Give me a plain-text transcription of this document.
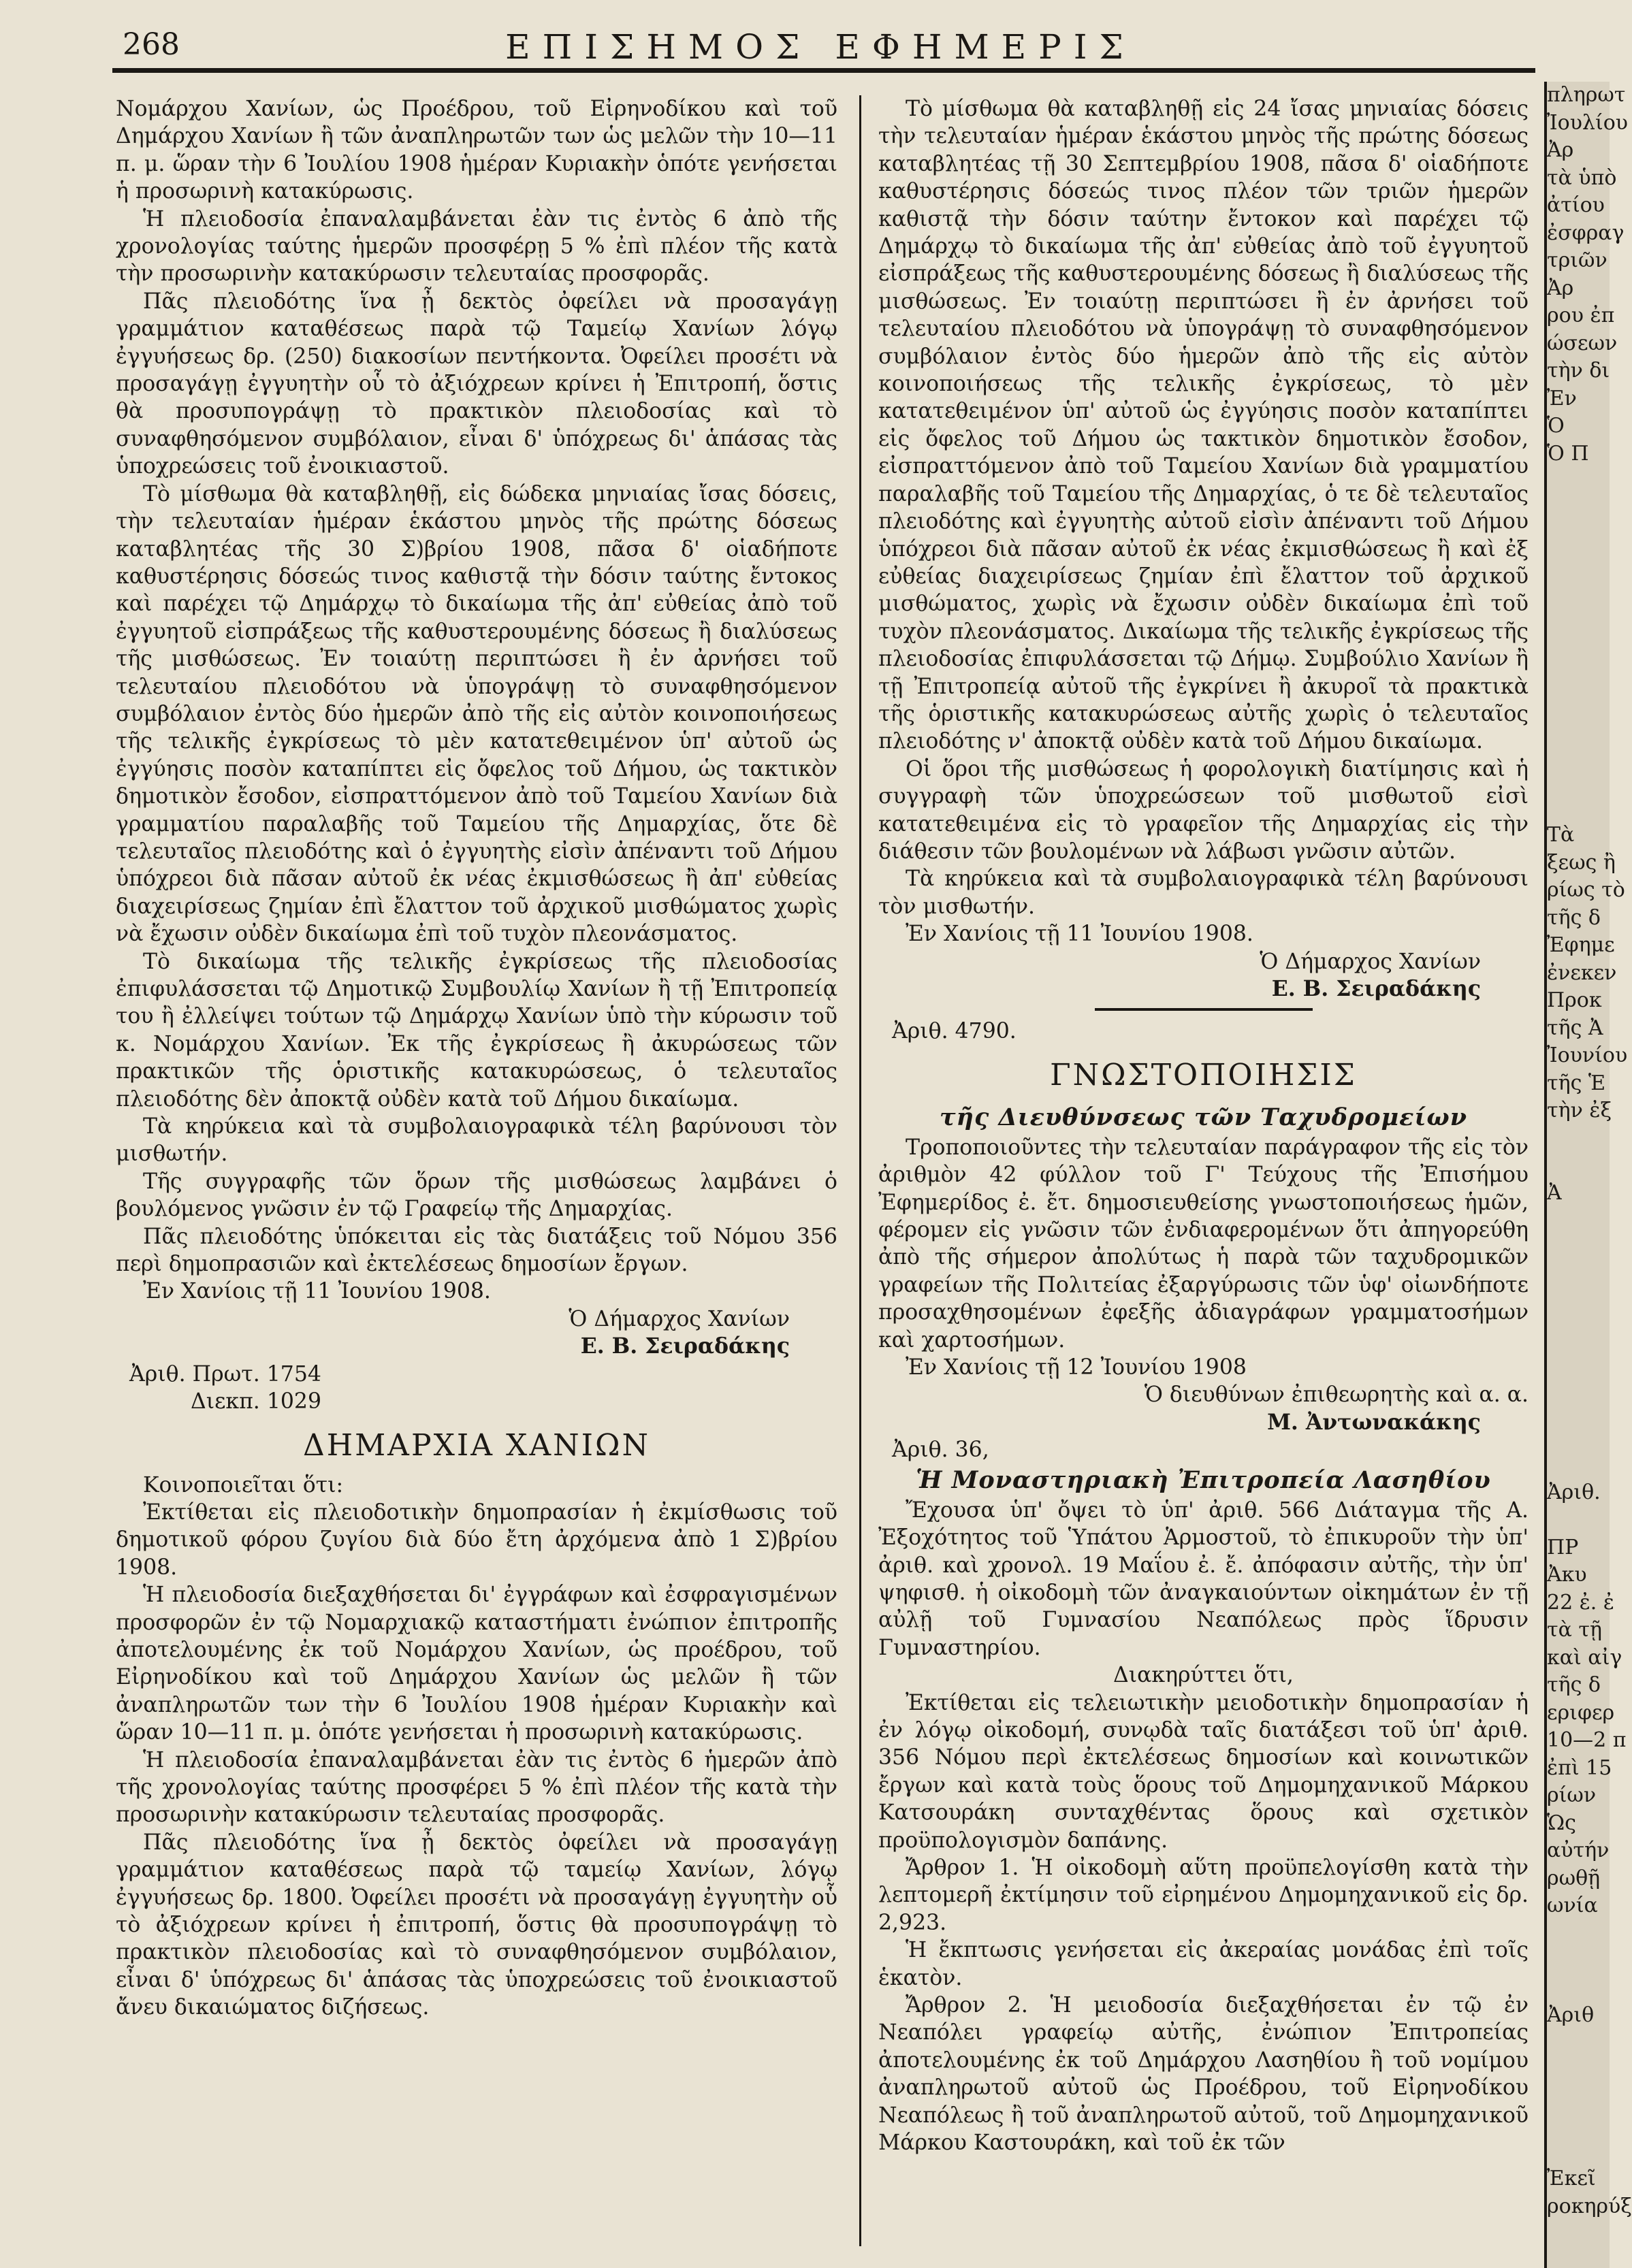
268	ΕΠΙΣΗΜΟΣ ΕΦΗΜΕΡΙΣ

Νομάρχου Χανίων, ὡς Προέδρου, τοῦ Εἰρηνοδίκου καὶ τοῦ Δημάρχου Χανίων ἢ τῶν ἀναπληρωτῶν των ὡς μελῶν τὴν 10—11 π. μ. ὥραν τὴν 6 Ἰουλίου 1908 ἡμέραν Κυριακὴν ὁπότε γενήσεται ἡ προσωρινὴ κατακύρωσις.

Ἡ πλειοδοσία ἐπαναλαμβάνεται ἐὰν τις ἐντὸς 6 ἀπὸ τῆς χρονολογίας ταύτης ἡμερῶν προσφέρῃ 5 % ἐπὶ πλέον τῆς κατὰ τὴν προσωρινὴν κατακύρωσιν τελευταίας προσφορᾶς.

Πᾶς πλειοδότης ἵνα ᾖ δεκτὸς ὀφείλει νὰ προσαγάγῃ γραμμάτιον καταθέσεως παρὰ τῷ Ταμείῳ Χανίων λόγῳ ἐγγυήσεως δρ. (250) διακοσίων πεντήκοντα. Ὀφείλει προσέτι νὰ προσαγάγῃ ἐγγυητὴν οὗ τὸ ἀξιόχρεων κρίνει ἡ Ἐπιτροπή, ὅστις θὰ προσυπογράψῃ τὸ πρακτικὸν πλειοδοσίας καὶ τὸ συναφθησόμενον συμβόλαιον, εἶναι δ' ὑπόχρεως δι' ἁπάσας τὰς ὑποχρεώσεις τοῦ ἐνοικιαστοῦ.

Τὸ μίσθωμα θὰ καταβληθῇ, εἰς δώδεκα μηνιαίας ἴσας δόσεις, τὴν τελευταίαν ἡμέραν ἑκάστου μηνὸς τῆς πρώτης δόσεως καταβλητέας τῆς 30 Σ)βρίου 1908, πᾶσα δ' οἱαδήποτε καθυστέρησις δόσεώς τινος καθιστᾷ τὴν δόσιν ταύτης ἔντοκος καὶ παρέχει τῷ Δημάρχῳ τὸ δικαίωμα τῆς ἀπ' εὐθείας ἀπὸ τοῦ ἐγγυητοῦ εἰσπράξεως τῆς καθυστερουμένης δόσεως ἢ διαλύσεως τῆς μισθώσεως. Ἐν τοιαύτῃ περιπτώσει ἢ ἐν ἀρνήσει τοῦ τελευταίου πλειοδότου νὰ ὑπογράψῃ τὸ συναφθησόμενον συμβόλαιον ἐντὸς δύο ἡμερῶν ἀπὸ τῆς εἰς αὐτὸν κοινοποιήσεως τῆς τελικῆς ἐγκρίσεως τὸ μὲν κατατεθειμένον ὑπ' αὐτοῦ ὡς ἐγγύησις ποσὸν καταπίπτει εἰς ὄφελος τοῦ Δήμου, ὡς τακτικὸν δημοτικὸν ἔσοδον, εἰσπραττόμενον ἀπὸ τοῦ Ταμείου Χανίων διὰ γραμματίου παραλαβῆς τοῦ Ταμείου τῆς Δημαρχίας, ὅτε δὲ τελευταῖος πλειοδότης καὶ ὁ ἐγγυητὴς εἰσὶν ἀπέναντι τοῦ Δήμου ὑπόχρεοι διὰ πᾶσαν αὐτοῦ ἐκ νέας ἐκμισθώσεως ἢ ἀπ' εὐθείας διαχειρίσεως ζημίαν ἐπὶ ἔλαττον τοῦ ἀρχικοῦ μισθώματος χωρὶς νὰ ἔχωσιν οὐδὲν δικαίωμα ἐπὶ τοῦ τυχὸν πλεονάσματος.

Τὸ δικαίωμα τῆς τελικῆς ἐγκρίσεως τῆς πλειοδοσίας ἐπιφυλάσσεται τῷ Δημοτικῷ Συμβουλίῳ Χανίων ἢ τῇ Ἐπιτροπείᾳ του ἢ ἐλλείψει τούτων τῷ Δημάρχῳ Χανίων ὑπὸ τὴν κύρωσιν τοῦ κ. Νομάρχου Χανίων. Ἐκ τῆς ἐγκρίσεως ἢ ἀκυρώσεως τῶν πρακτικῶν τῆς ὁριστικῆς κατακυρώσεως, ὁ τελευταῖος πλειοδότης δὲν ἀποκτᾷ οὐδὲν κατὰ τοῦ Δήμου δικαίωμα.

Τὰ κηρύκεια καὶ τὰ συμβολαιογραφικὰ τέλη βαρύνουσι τὸν μισθωτήν.

Τῆς συγγραφῆς τῶν ὅρων τῆς μισθώσεως λαμβάνει ὁ βουλόμενος γνῶσιν ἐν τῷ Γραφείῳ τῆς Δημαρχίας.

Πᾶς πλειοδότης ὑπόκειται εἰς τὰς διατάξεις τοῦ Νόμου 356 περὶ δημοπρασιῶν καὶ ἐκτελέσεως δημοσίων ἔργων.

Ἐν Χανίοις τῇ 11 Ἰουνίου 1908.

Ὁ Δήμαρχος Χανίων

Ε. Β. Σειραδάκης

Ἀριθ. Πρωτ. 1754

Διεκπ. 1029

ΔΗΜΑΡΧΙΑ ΧΑΝΙΩΝ

Κοινοποιεῖται ὅτι:

Ἐκτίθεται εἰς πλειοδοτικὴν δημοπρασίαν ἡ ἐκμίσθωσις τοῦ δημοτικοῦ φόρου ζυγίου διὰ δύο ἔτη ἀρχόμενα ἀπὸ 1 Σ)βρίου 1908.

Ἡ πλειοδοσία διεξαχθήσεται δι' ἐγγράφων καὶ ἐσφραγισμένων προσφορῶν ἐν τῷ Νομαρχιακῷ καταστήματι ἐνώπιον ἐπιτροπῆς ἀποτελουμένης ἐκ τοῦ Νομάρχου Χανίων, ὡς προέδρου, τοῦ Εἰρηνοδίκου καὶ τοῦ Δημάρχου Χανίων ὡς μελῶν ἢ τῶν ἀναπληρωτῶν των τὴν 6 Ἰουλίου 1908 ἡμέραν Κυριακὴν καὶ ὥραν 10—11 π. μ. ὁπότε γενήσεται ἡ προσωρινὴ κατακύρωσις.

Ἡ πλειοδοσία ἐπαναλαμβάνεται ἐὰν τις ἐντὸς 6 ἡμερῶν ἀπὸ τῆς χρονολογίας ταύτης προσφέρει 5 % ἐπὶ πλέον τῆς κατὰ τὴν προσωρινὴν κατακύρωσιν τελευταίας προσφορᾶς.

Πᾶς πλειοδότης ἵνα ᾖ δεκτὸς ὀφείλει νὰ προσαγάγῃ γραμμάτιον καταθέσεως παρὰ τῷ ταμείῳ Χανίων, λόγῳ ἐγγυήσεως δρ. 1800. Ὀφείλει προσέτι νὰ προσαγάγῃ ἐγγυητὴν οὗ τὸ ἀξιόχρεων κρίνει ἡ ἐπιτροπή, ὅστις θὰ προσυπογράψῃ τὸ πρακτικὸν πλειοδοσίας καὶ τὸ συναφθησόμενον συμβόλαιον, εἶναι δ' ὑπόχρεως δι' ἁπάσας τὰς ὑποχρεώσεις τοῦ ἐνοικιαστοῦ ἄνευ δικαιώματος διζήσεως.

Τὸ μίσθωμα θὰ καταβληθῇ εἰς 24 ἴσας μηνιαίας δόσεις τὴν τελευταίαν ἡμέραν ἑκάστου μηνὸς τῆς πρώτης δόσεως καταβλητέας τῇ 30 Σεπτεμβρίου 1908, πᾶσα δ' οἱαδήποτε καθυστέρησις δόσεώς τινος πλέον τῶν τριῶν ἡμερῶν καθιστᾷ τὴν δόσιν ταύτην ἔντοκον καὶ παρέχει τῷ Δημάρχῳ τὸ δικαίωμα τῆς ἀπ' εὐθείας ἀπὸ τοῦ ἐγγυητοῦ εἰσπράξεως τῆς καθυστερουμένης δόσεως ἢ διαλύσεως τῆς μισθώσεως. Ἐν τοιαύτῃ περιπτώσει ἢ ἐν ἀρνήσει τοῦ τελευταίου πλειοδότου νὰ ὑπογράψῃ τὸ συναφθησόμενον συμβόλαιον ἐντὸς δύο ἡμερῶν ἀπὸ τῆς εἰς αὐτὸν κοινοποιήσεως τῆς τελικῆς ἐγκρίσεως, τὸ μὲν κατατεθειμένον ὑπ' αὐτοῦ ὡς ἐγγύησις ποσὸν καταπίπτει εἰς ὄφελος τοῦ Δήμου ὡς τακτικὸν δημοτικὸν ἔσοδον, εἰσπραττόμενον ἀπὸ τοῦ Ταμείου Χανίων διὰ γραμματίου παραλαβῆς τοῦ Ταμείου τῆς Δημαρχίας, ὁ τε δὲ τελευταῖος πλειοδότης καὶ ἐγγυητὴς αὐτοῦ εἰσὶν ἀπέναντι τοῦ Δήμου ὑπόχρεοι διὰ πᾶσαν αὐτοῦ ἐκ νέας ἐκμισθώσεως ἢ καὶ ἐξ εὐθείας διαχειρίσεως ζημίαν ἐπὶ ἔλαττον τοῦ ἀρχικοῦ μισθώματος, χωρὶς νὰ ἔχωσιν οὐδὲν δικαίωμα ἐπὶ τοῦ τυχὸν πλεονάσματος. Δικαίωμα τῆς τελικῆς ἐγκρίσεως τῆς πλειοδοσίας ἐπιφυλάσσεται τῷ Δήμῳ. Συμβούλιο Χανίων ἢ τῇ Ἐπιτροπείᾳ αὐτοῦ τῆς ἐγκρίνει ἢ ἀκυροῖ τὰ πρακτικὰ τῆς ὁριστικῆς κατακυρώσεως αὐτῆς χωρὶς ὁ τελευταῖος πλειοδότης ν' ἀποκτᾷ οὐδὲν κατὰ τοῦ Δήμου δικαίωμα.

Οἱ ὅροι τῆς μισθώσεως ἡ φορολογικὴ διατίμησις καὶ ἡ συγγραφὴ τῶν ὑποχρεώσεων τοῦ μισθωτοῦ εἰσὶ κατατεθειμένα εἰς τὸ γραφεῖον τῆς Δημαρχίας εἰς τὴν διάθεσιν τῶν βουλομένων νὰ λάβωσι γνῶσιν αὐτῶν.

Τὰ κηρύκεια καὶ τὰ συμβολαιογραφικὰ τέλη βαρύνουσι τὸν μισθωτήν.

Ἐν Χανίοις τῇ 11 Ἰουνίου 1908.

Ὁ Δήμαρχος Χανίων

Ε. Β. Σειραδάκης

Ἀριθ. 4790.

ΓΝΩΣΤΟΠΟΙΗΣΙΣ

τῆς Διευθύνσεως τῶν Ταχυδρομείων

Τροποποιοῦντες τὴν τελευταίαν παράγραφον τῆς εἰς τὸν ἀριθμὸν 42 φύλλον τοῦ Γ' Τεύχους τῆς Ἐπισήμου Ἐφημερίδος ἐ. ἔτ. δημοσιευθείσης γνωστοποιήσεως ἡμῶν, φέρομεν εἰς γνῶσιν τῶν ἐνδιαφερομένων ὅτι ἀπηγορεύθη ἀπὸ τῆς σήμερον ἀπολύτως ἡ παρὰ τῶν ταχυδρομικῶν γραφείων τῆς Πολιτείας ἐξαργύρωσις τῶν ὑφ' οἰωνδήποτε προσαχθησομένων ἐφεξῆς ἀδιαγράφων γραμματοσήμων καὶ χαρτοσήμων.

Ἐν Χανίοις τῇ 12 Ἰουνίου 1908

Ὁ διευθύνων ἐπιθεωρητὴς καὶ α. α.

Μ. Ἀντωνακάκης

Ἀριθ. 36,

Ἡ Μοναστηριακὴ Ἐπιτροπεία Λασηθίου

Ἔχουσα ὑπ' ὄψει τὸ ὑπ' ἀριθ. 566 Διάταγμα τῆς Α. Ἐξοχότητος τοῦ Ὑπάτου Ἁρμοστοῦ, τὸ ἐπικυροῦν τὴν ὑπ' ἀριθ. καὶ χρονολ. 19 Μαΐου ἐ. ἔ. ἀπόφασιν αὐτῆς, τὴν ὑπ' ψηφισθ. ἡ οἰκοδομὴ τῶν ἀναγκαιούντων οἰκημάτων ἐν τῇ αὐλῇ τοῦ Γυμνασίου Νεαπόλεως πρὸς ἵδρυσιν Γυμναστηρίου.

Διακηρύττει ὅτι,

Ἐκτίθεται εἰς τελειωτικὴν μειοδοτικὴν δημοπρασίαν ἡ ἐν λόγῳ οἰκοδομή, συνῳδὰ ταῖς διατάξεσι τοῦ ὑπ' ἀριθ. 356 Νόμου περὶ ἐκτελέσεως δημοσίων καὶ κοινωτικῶν ἔργων καὶ κατὰ τοὺς ὅρους τοῦ Δημομηχανικοῦ Μάρκου Κατσουράκη συνταχθέντας ὅρους καὶ σχετικὸν προϋπολογισμὸν δαπάνης.

Ἄρθρον 1. Ἡ οἰκοδομὴ αὕτη προϋπελογίσθη κατὰ τὴν λεπτομερῆ ἐκτίμησιν τοῦ εἰρημένου Δημομηχανικοῦ εἰς δρ. 2,923.

Ἡ ἔκπτωσις γενήσεται εἰς ἀκεραίας μονάδας ἐπὶ τοῖς ἑκατὸν.

Ἄρθρον 2. Ἡ μειοδοσία διεξαχθήσεται ἐν τῷ ἐν Νεαπόλει γραφείῳ αὐτῆς, ἐνώπιον Ἐπιτροπείας ἀποτελουμένης ἐκ τοῦ Δημάρχου Λασηθίου ἢ τοῦ νομίμου ἀναπληρωτοῦ αὐτοῦ ὡς Προέδρου, τοῦ Εἰρηνοδίκου Νεαπόλεως ἢ τοῦ ἀναπληρωτοῦ αὐτοῦ, τοῦ Δημομηχανικοῦ Μάρκου Καστουράκη, καὶ τοῦ ἐκ τῶν

πληρωτ
Ἰουλίου
Ἀρ
τὰ ὑπὸ
ἀτίου
ἐσφραγ
τριῶν
Ἀρ
ρου ἐπ
ώσεων
τὴν δι
Ἐν
Ὁ
Ὁ Π
Τὰ
ξεως ἢ
ρίως τὸ
τῆς δ
Ἐφημε
ἐνεκεν
Προκ
τῆς Ἀ
Ἰουνίου
τῆς Ἑ
τὴν ἐξ
Ἀ
Ἀριθ.
ΠΡ
Ἀκυ
22 ἐ. ἐ
τὰ τῇ
καὶ αἰγ
τῆς δ
εριφερ
10—2 π
ἐπὶ 15
ρίων
Ὡς
αὐτήν
ρωθῇ
ωνία
Ἀριθ
Ἐκεῖ
ροκηρύξ
